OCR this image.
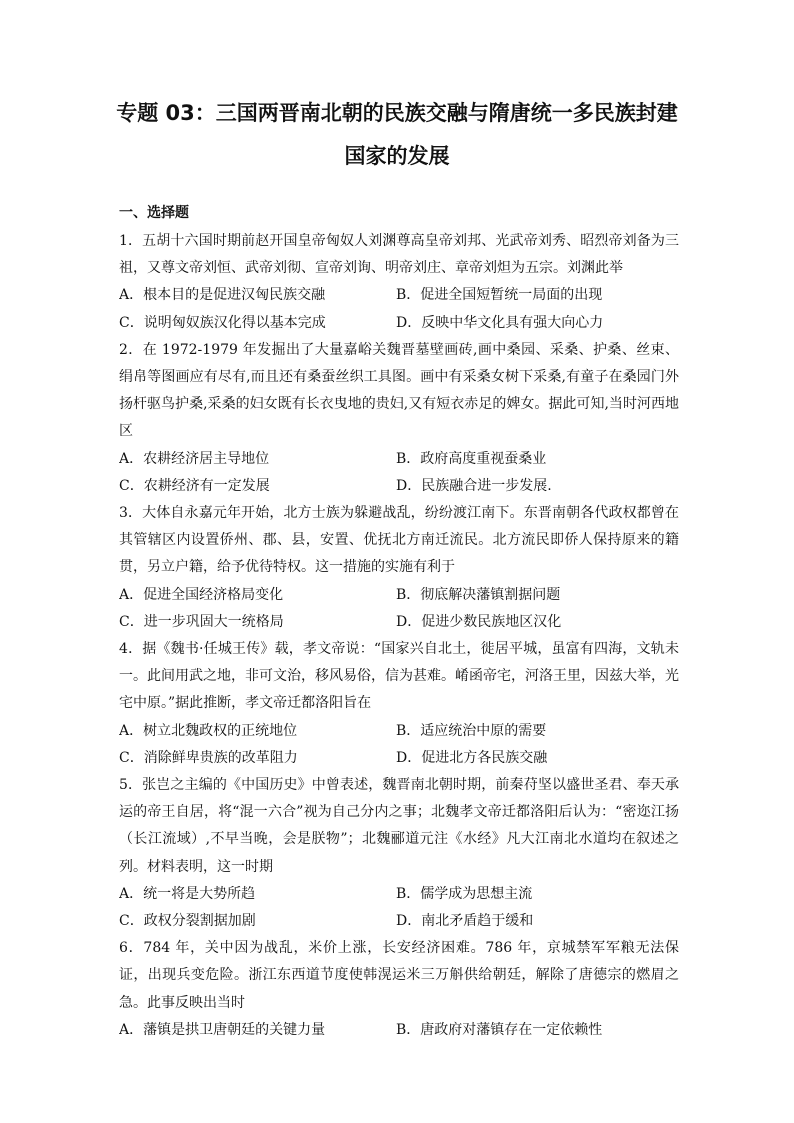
专题 03：三国两晋南北朝的民族交融与隋唐统一多民族封建
国家的发展
一、选择题
1．五胡十六国时期前赵开国皇帝匈奴人刘渊尊高皇帝刘邦、光武帝刘秀、昭烈帝刘备为三祖，又尊文帝刘恒、武帝刘彻、宣帝刘询、明帝刘庄、章帝刘炟为五宗。刘渊此举
A．根本目的是促进汉匈民族交融	B．促进全国短暂统一局面的出现
C．说明匈奴族汉化得以基本完成	D．反映中华文化具有强大向心力
2．在 1972-1979 年发掘出了大量嘉峪关魏晋墓壁画砖,画中桑园、采桑、护桑、丝束、绢帛等图画应有尽有,而且还有桑蚕丝织工具图。画中有采桑女树下采桑,有童子在桑园门外扬杆驱鸟护桑,采桑的妇女既有长衣曳地的贵妇,又有短衣赤足的婢女。据此可知,当时河西地区
A．农耕经济居主导地位	B．政府高度重视蚕桑业
C．农耕经济有一定发展	D．民族融合进一步发展.
3．大体自永嘉元年开始，北方士族为躲避战乱，纷纷渡江南下。东晋南朝各代政权都曾在其管辖区内设置侨州、郡、县，安置、优抚北方南迁流民。北方流民即侨人保持原来的籍贯，另立户籍，给予优待特权。这一措施的实施有利于
A．促进全国经济格局变化	B．彻底解决藩镇割据问题
C．进一步巩固大一统格局	D．促进少数民族地区汉化
4．据《魏书·任城王传》载，孝文帝说：“国家兴自北土，徙居平城，虽富有四海，文轨未一。此间用武之地，非可文治，移风易俗，信为甚难。崤函帝宅，河洛王里，因兹大举，光宅中原。”据此推断，孝文帝迁都洛阳旨在
A．树立北魏政权的正统地位	B．适应统治中原的需要
C．消除鲜卑贵族的改革阻力	D．促进北方各民族交融
5．张岂之主编的《中国历史》中曾表述，魏晋南北朝时期，前秦苻坚以盛世圣君、奉天承运的帝王自居，将“混一六合”视为自己分内之事；北魏孝文帝迁都洛阳后认为：“密迩江扬（长江流域）,不早当晚，会是朕物”；北魏郦道元注《水经》凡大江南北水道均在叙述之列。材料表明，这一时期
A．统一将是大势所趋	B．儒学成为思想主流
C．政权分裂割据加剧	D．南北矛盾趋于缓和
6．784 年，关中因为战乱，米价上涨，长安经济困难。786 年，京城禁军军粮无法保证，出现兵变危险。浙江东西道节度使韩滉运米三万斛供给朝廷，解除了唐德宗的燃眉之急。此事反映出当时
A．藩镇是拱卫唐朝廷的关键力量	B．唐政府对藩镇存在一定依赖性
